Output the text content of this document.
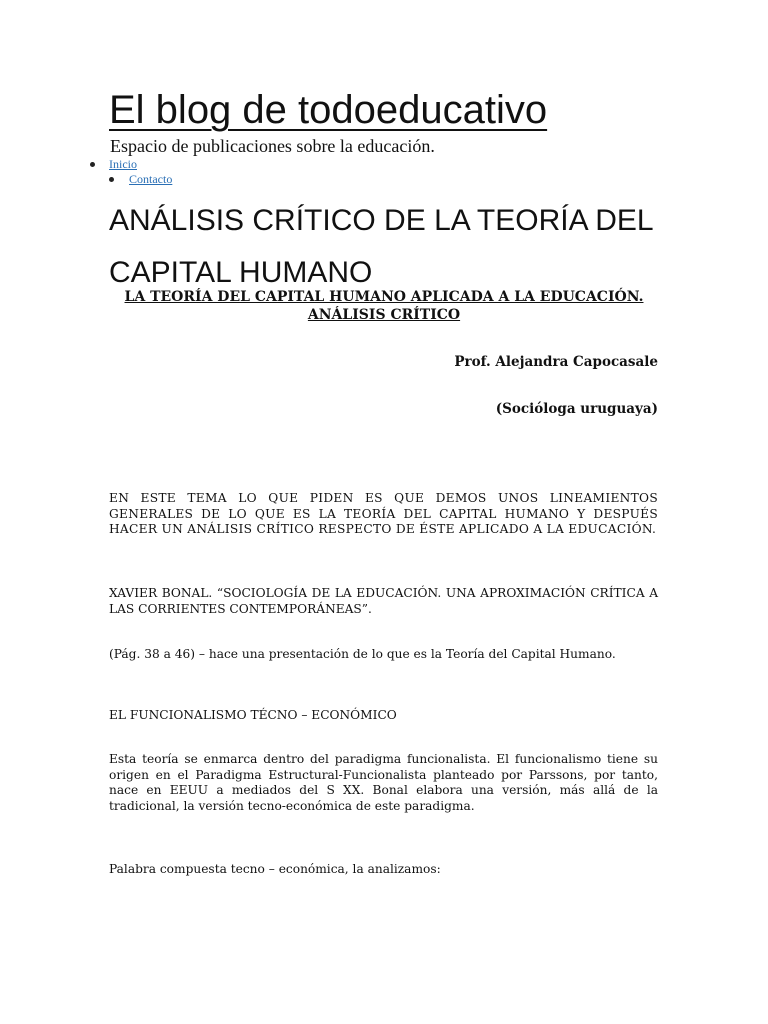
El blog de todoeducativo
Espacio de publicaciones sobre la educación.
Inicio
Contacto
ANÁLISIS CRÍTICO DE LA TEORÍA DEL CAPITAL HUMANO
LA TEORÍA DEL CAPITAL HUMANO APLICADA A LA EDUCACIÓN. ANÁLISIS CRÍTICO
Prof. Alejandra Capocasale
(Socióloga uruguaya)

EN ESTE TEMA LO QUE PIDEN ES QUE DEMOS UNOS LINEAMIENTOS GENERALES DE LO QUE ES LA TEORÍA DEL CAPITAL HUMANO Y DESPUÉS HACER UN ANÁLISIS CRÍTICO RESPECTO DE ÉSTE APLICADO A LA EDUCACIÓN.

XAVIER BONAL. “SOCIOLOGÍA DE LA EDUCACIÓN. UNA APROXIMACIÓN CRÍTICA A LAS CORRIENTES CONTEMPORÁNEAS”.

(Pág. 38 a 46) – hace una presentación de lo que es la Teoría del Capital Humano.

EL FUNCIONALISMO TÉCNO – ECONÓMICO

Esta teoría se enmarca dentro del paradigma funcionalista. El funcionalismo tiene su origen en el Paradigma Estructural-Funcionalista planteado por Parssons, por tanto, nace en EEUU a mediados del S XX. Bonal elabora una versión, más allá de la tradicional, la versión tecno-económica de este paradigma.

Palabra compuesta tecno – económica, la analizamos:
